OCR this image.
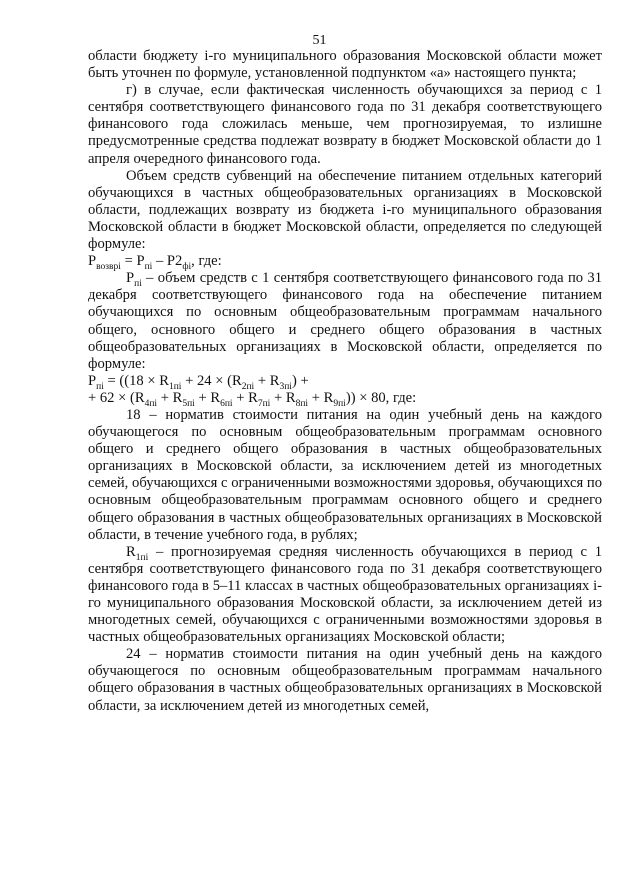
51

области бюджету i-го муниципального образования Московской области может быть уточнен по формуле, установленной подпунктом «а» настоящего пункта;

г) в случае, если фактическая численность обучающихся за период с 1 сентября соответствующего финансового года по 31 декабря соответствующего финансового года сложилась меньше, чем прогнозируемая, то излишне предусмотренные средства подлежат возврату в бюджет Московской области до 1 апреля очередного финансового года.

Объем средств субвенций на обеспечение питанием отдельных категорий обучающихся в частных общеобразовательных организациях в Московской области, подлежащих возврату из бюджета i-го муниципального образования Московской области в бюджет Московской области, определяется по следующей формуле:

$Р_{возврi} = Р_{пi} - Р2_{фi}$, где:

$Р_{пi}$ – объем средств с 1 сентября соответствующего финансового года по 31 декабря соответствующего финансового года на обеспечение питанием обучающихся по основным общеобразовательным программам начального общего, основного общего и среднего общего образования в частных общеобразовательных организациях в Московской области, определяется по формуле:

$Р_{пi} = ((18 \times R_{1пi} + 24 \times (R_{2пi} + R_{3пi})$ +

+ $62 \times (R_{4пi} + R_{5пi} + R_{6пi} + R_{7пi} + R_{8пi} + R_{9пi})) \times 80$, где:

18 – норматив стоимости питания на один учебный день на каждого обучающегося по основным общеобразовательным программам основного общего и среднего общего образования в частных общеобразовательных организациях в Московской области, за исключением детей из многодетных семей, обучающихся с ограниченными возможностями здоровья, обучающихся по основным общеобразовательным программам основного общего и среднего общего образования в частных общеобразовательных организациях в Московской области, в течение учебного года, в рублях;

$R_{1пi}$ – прогнозируемая средняя численность обучающихся в период с 1 сентября соответствующего финансового года по 31 декабря соответствующего финансового года в 5–11 классах в частных общеобразовательных организациях i-го муниципального образования Московской области, за исключением детей из многодетных семей, обучающихся с ограниченными возможностями здоровья в частных общеобразовательных организациях Московской области;

24 – норматив стоимости питания на один учебный день на каждого обучающегося по основным общеобразовательным программам начального общего образования в частных общеобразовательных организациях в Московской области, за исключением детей из многодетных семей,
